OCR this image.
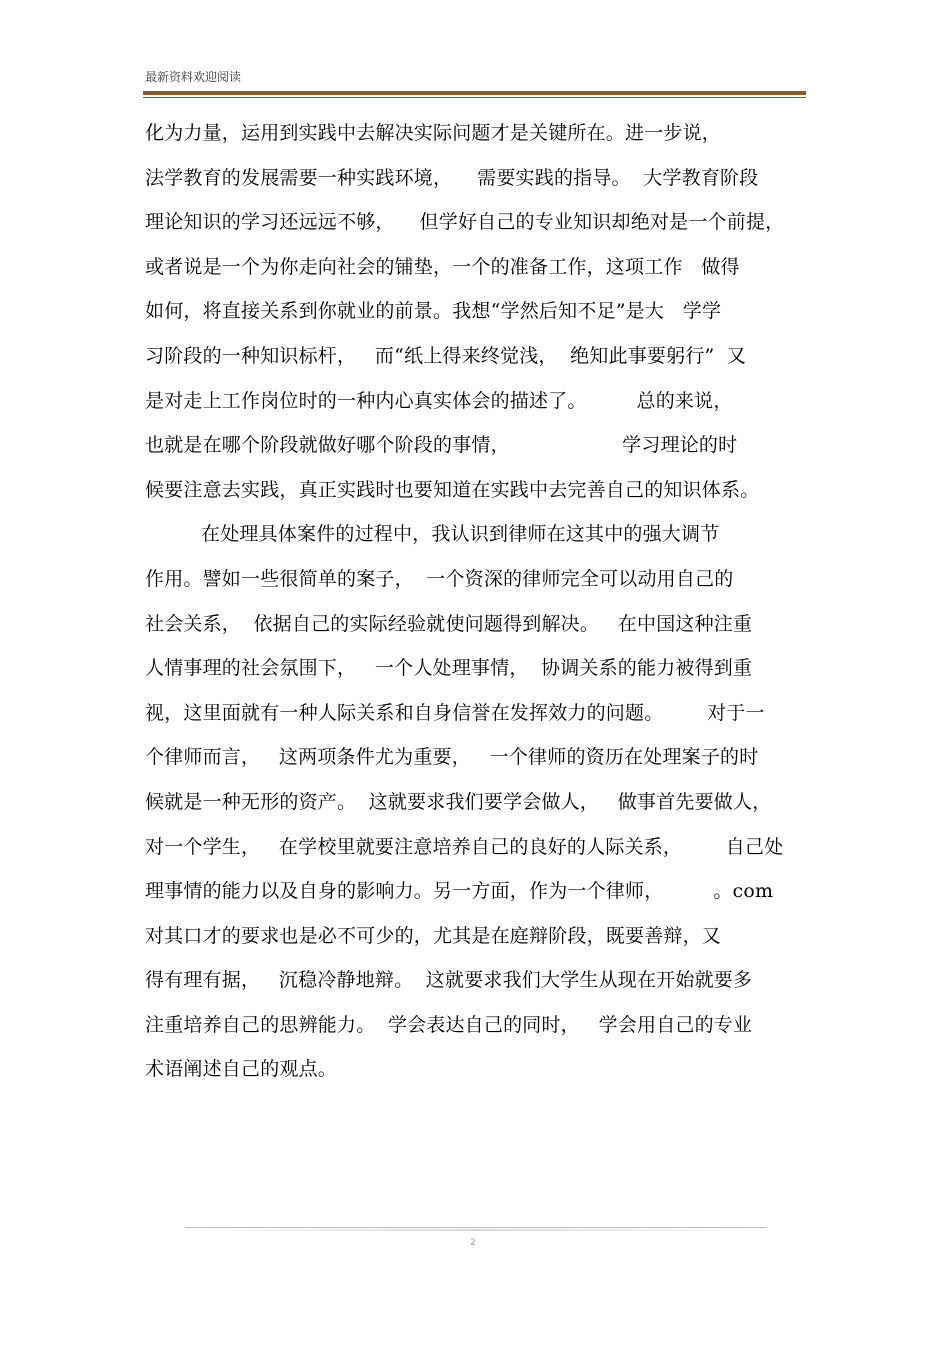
最新资料欢迎阅读
化为力量，运用到实践中去解决实际问题才是关键所在。进一步说，
法学教育的发展需要一种实践环境，    需要实践的指导。  大学教育阶段
理论知识的学习还远远不够，    但学好自己的专业知识却绝对是一个前提，
或者说是一个为你走向社会的铺垫，一个的准备工作，这项工作   做得
如何，将直接关系到你就业的前景。我想“学然后知不足”是大   学学
习阶段的一种知识标杆，   而“纸上得来终觉浅，  绝知此事要躬行”  又
是对走上工作岗位时的一种内心真实体会的描述了。        总的来说，
也就是在哪个阶段就做好哪个阶段的事情，                  学习理论的时
候要注意去实践，真正实践时也要知道在实践中去完善自己的知识体系。
在处理具体案件的过程中，我认识到律师在这其中的强大调节
作用。譬如一些很简单的案子，  一个资深的律师完全可以动用自己的
社会关系，  依据自己的实际经验就使问题得到解决。   在中国这种注重
人情事理的社会氛围下，   一个人处理事情，  协调关系的能力被得到重
视，这里面就有一种人际关系和自身信誉在发挥效力的问题。       对于一
个律师而言，   这两项条件尤为重要，   一个律师的资历在处理案子的时
候就是一种无形的资产。  这就要求我们要学会做人，   做事首先要做人，
对一个学生，   在学校里就要注意培养自己的良好的人际关系，       自己处
理事情的能力以及自身的影响力。另一方面，作为一个律师，        。com
对其口才的要求也是必不可少的，尤其是在庭辩阶段，既要善辩，又
得有理有据，   沉稳冷静地辩。  这就要求我们大学生从现在开始就要多
注重培养自己的思辨能力。  学会表达自己的同时，   学会用自己的专业
术语阐述自己的观点。
2
